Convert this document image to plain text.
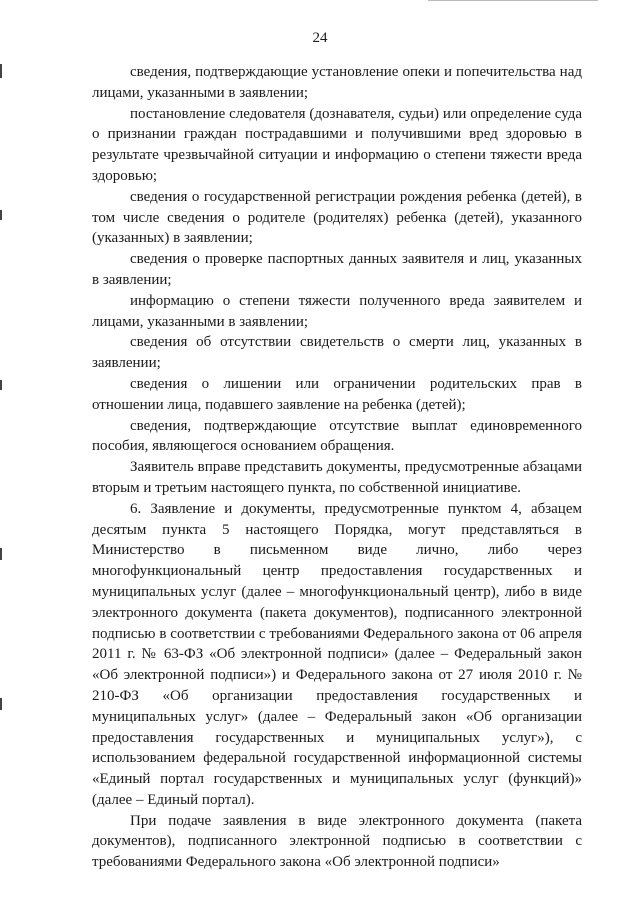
24

сведения, подтверждающие установление опеки и попечительства над лицами, указанными в заявлении;

постановление следователя (дознавателя, судьи) или определение суда о признании граждан пострадавшими и получившими вред здоровью в результате чрезвычайной ситуации и информацию о степени тяжести вреда здоровью;

сведения о государственной регистрации рождения ребенка (детей), в том числе сведения о родителе (родителях) ребенка (детей), указанного (указанных) в заявлении;

сведения о проверке паспортных данных заявителя и лиц, указанных в заявлении;

информацию о степени тяжести полученного вреда заявителем и лицами, указанными в заявлении;

сведения об отсутствии свидетельств о смерти лиц, указанных в заявлении;

сведения о лишении или ограничении родительских прав в отношении лица, подавшего заявление на ребенка (детей);

сведения, подтверждающие отсутствие выплат единовременного пособия, являющегося основанием обращения.

Заявитель вправе представить документы, предусмотренные абзацами вторым и третьим настоящего пункта, по собственной инициативе.

6. Заявление и документы, предусмотренные пунктом 4, абзацем десятым пункта 5 настоящего Порядка, могут представляться в Министерство в письменном виде лично, либо через многофункциональный центр предоставления государственных и муниципальных услуг (далее – многофункциональный центр), либо в виде электронного документа (пакета документов), подписанного электронной подписью в соответствии с требованиями Федерального закона от 06 апреля 2011 г. № 63-ФЗ «Об электронной подписи» (далее – Федеральный закон «Об электронной подписи») и Федерального закона от 27 июля 2010 г. № 210-ФЗ «Об организации предоставления государственных и муниципальных услуг» (далее – Федеральный закон «Об организации предоставления государственных и муниципальных услуг»), с использованием федеральной государственной информационной системы «Единый портал государственных и муниципальных услуг (функций)» (далее – Единый портал).

При подаче заявления в виде электронного документа (пакета документов), подписанного электронной подписью в соответствии с требованиями Федерального закона «Об электронной подписи»
